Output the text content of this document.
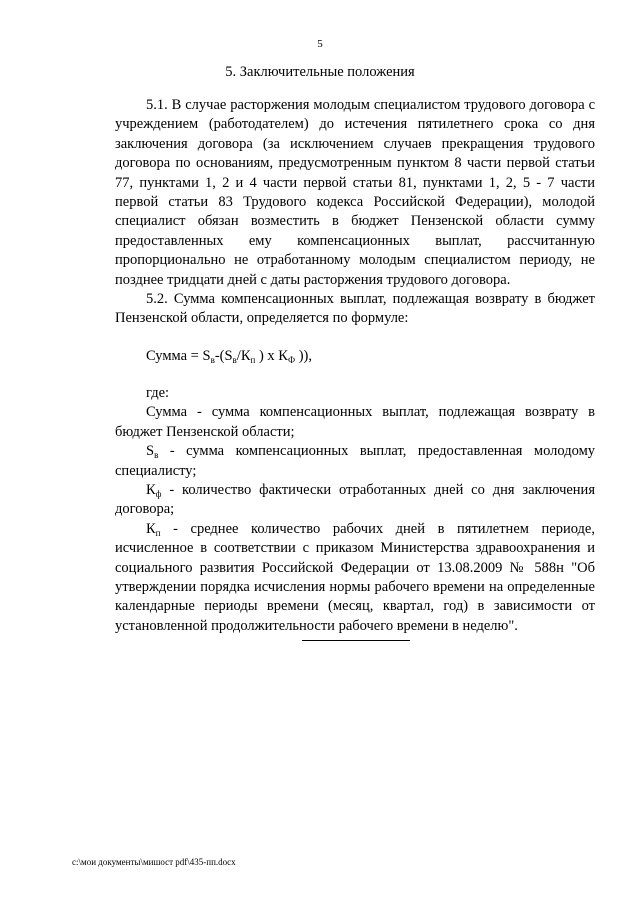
5
5. Заключительные положения

5.1. В случае расторжения молодым специалистом трудового договора с учреждением (работодателем) до истечения пятилетнего срока со дня заключения договора (за исключением случаев прекращения трудового договора по основаниям, предусмотренным пунктом 8 части первой статьи 77, пунктами 1, 2 и 4 части первой статьи 81, пунктами 1, 2, 5 - 7 части первой статьи 83 Трудового кодекса Российской Федерации), молодой специалист обязан возместить в бюджет Пензенской области сумму предоставленных ему компенсационных выплат, рассчитанную пропорционально не отработанному молодым специалистом периоду, не позднее тридцати дней с даты расторжения трудового договора.

5.2. Сумма компенсационных выплат, подлежащая возврату в бюджет Пензенской области, определяется по формуле:

Сумма = $S_в-(S_в/К_п$ ) x $К_Ф$ )),

где:

Сумма - сумма компенсационных выплат, подлежащая возврату в бюджет Пензенской области;

$S_в$ - сумма компенсационных выплат, предоставленная молодому специалисту;

$К_ф$ - количество фактически отработанных дней со дня заключения договора;

$К_п$ - среднее количество рабочих дней в пятилетнем периоде, исчисленное в соответствии с приказом Министерства здравоохранения и социального развития Российской Федерации от 13.08.2009 № 588н "Об утверждении порядка исчисления нормы рабочего времени на определенные календарные периоды времени (месяц, квартал, год) в зависимости от установленной продолжительности рабочего времени в неделю".

c:\мои документы\мишост pdf\435-пп.docx
